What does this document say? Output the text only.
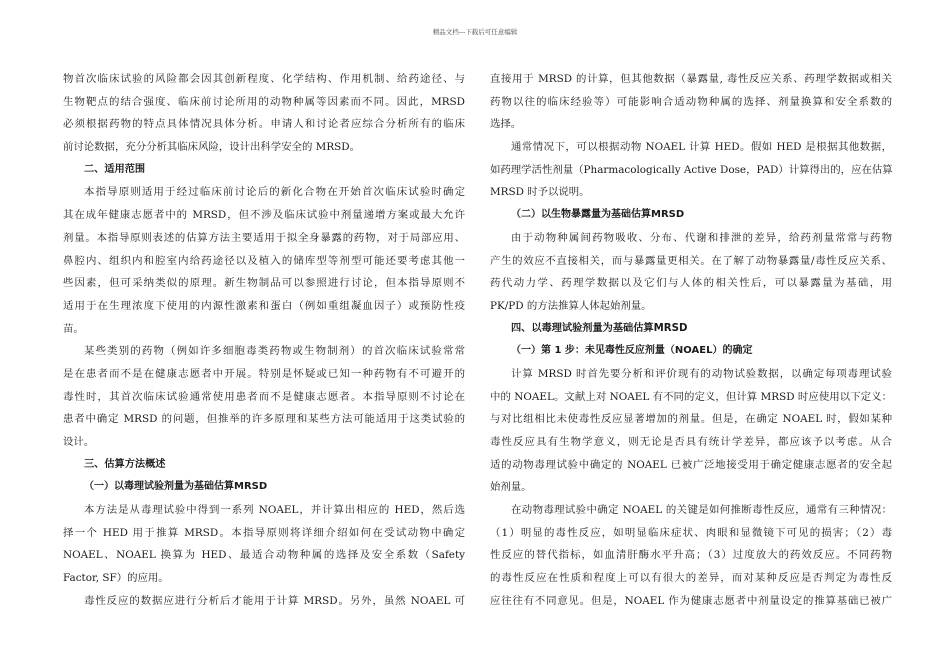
精品文档---下载后可任意编辑
物首次临床试验的风险都会因其创新程度、化学结构、作用机制、给药途径、与
生物靶点的结合强度、临床前讨论所用的动物种属等因素而不同。因此，MRSD
必须根据药物的特点具体情况具体分析。申请人和讨论者应综合分析所有的临床
前讨论数据，充分分析其临床风险，设计出科学安全的 MRSD。
二、适用范围
本指导原则适用于经过临床前讨论后的新化合物在开始首次临床试验时确定
其在成年健康志愿者中的 MRSD，但不涉及临床试验中剂量递增方案或最大允许
剂量。本指导原则表述的估算方法主要适用于拟全身暴露的药物，对于局部应用、
鼻腔内、组织内和腔室内给药途径以及植入的储库型等剂型可能还要考虑其他一
些因素，但可采纳类似的原理。新生物制品可以参照进行讨论，但本指导原则不
适用于在生理浓度下使用的内源性激素和蛋白（例如重组凝血因子）或预防性疫
苗。
某些类别的药物（例如许多细胞毒类药物或生物制剂）的首次临床试验常常
是在患者而不是在健康志愿者中开展。特别是怀疑或已知一种药物有不可避开的
毒性时，其首次临床试验通常使用患者而不是健康志愿者。本指导原则不讨论在
患者中确定 MRSD 的问题，但推举的许多原理和某些方法可能适用于这类试验的
设计。
三、估算方法概述
（一）以毒理试验剂量为基础估算MRSD
本方法是从毒理试验中得到一系列 NOAEL，并计算出相应的 HED，然后选
择一个 HED 用于推算 MRSD。本指导原则将详细介绍如何在受试动物中确定
NOAEL、NOAEL 换算为 HED、最适合动物种属的选择及安全系数（Safety
Factor, SF）的应用。
毒性反应的数据应进行分析后才能用于计算 MRSD。另外，虽然 NOAEL 可
直接用于 MRSD 的计算，但其他数据（暴露量, 毒性反应关系、药理学数据或相关
药物以往的临床经验等）可能影响合适动物种属的选择、剂量换算和安全系数的
选择。
通常情况下，可以根据动物 NOAEL 计算 HED。假如 HED 是根据其他数据，
如药理学活性剂量（Pharmacologically Active Dose，PAD）计算得出的，应在估算
MRSD 时予以说明。
（二）以生物暴露量为基础估算MRSD
由于动物种属间药物吸收、分布、代谢和排泄的差异，给药剂量常常与药物
产生的效应不直接相关，而与暴露量更相关。在了解了动物暴露量/毒性反应关系、
药代动力学、药理学数据以及它们与人体的相关性后，可以暴露量为基础，用
PK/PD 的方法推算人体起始剂量。
四、以毒理试验剂量为基础估算MRSD
（一）第 1 步：未见毒性反应剂量（NOAEL）的确定
计算 MRSD 时首先要分析和评价现有的动物试验数据，以确定每项毒理试验
中的 NOAEL。文献上对 NOAEL 有不同的定义，但计算 MRSD 时应使用以下定义：
与对比组相比未使毒性反应显著增加的剂量。但是，在确定 NOAEL 时，假如某种
毒性反应具有生物学意义，则无论是否具有统计学差异，都应该予以考虑。从合
适的动物毒理试验中确定的 NOAEL 已被广泛地接受用于确定健康志愿者的安全起
始剂量。
在动物毒理试验中确定 NOAEL 的关键是如何推断毒性反应，通常有三种情况：
（1）明显的毒性反应，如明显临床症状、肉眼和显微镜下可见的损害；（2）毒
性反应的替代指标，如血清肝酶水平升高；（3）过度放大的药效反应。不同药物
的毒性反应在性质和程度上可以有很大的差异，而对某种反应是否判定为毒性反
应往往有不同意见。但是，NOAEL 作为健康志愿者中剂量设定的推算基础已被广
